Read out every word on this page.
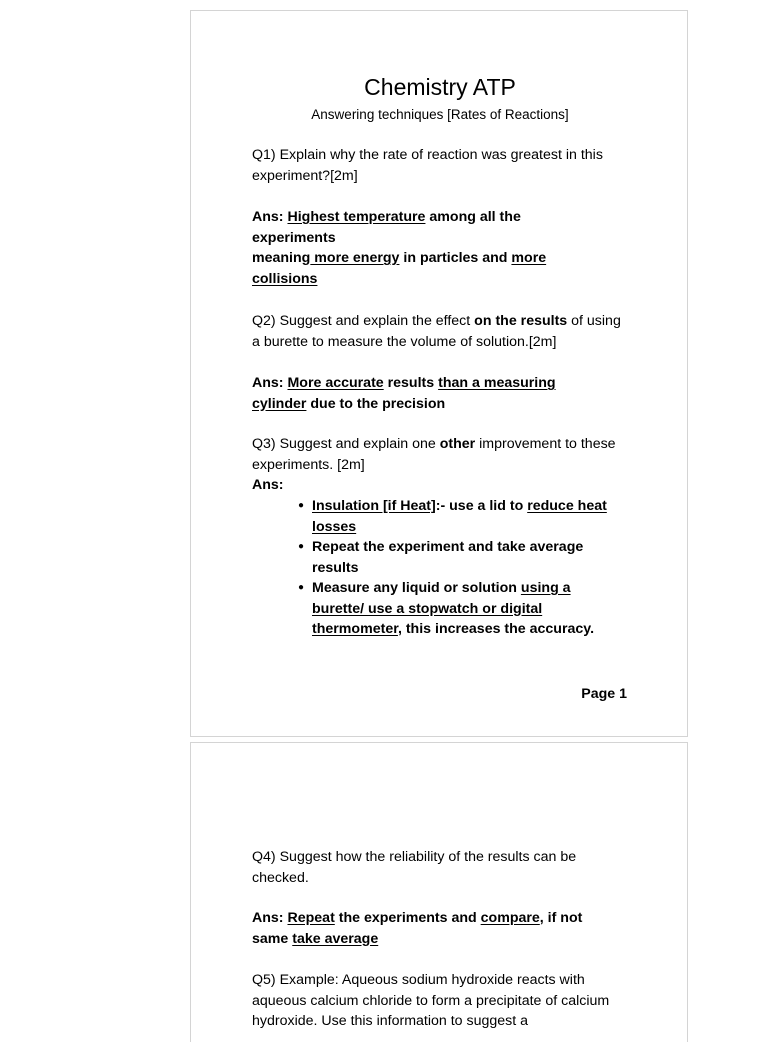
Chemistry ATP
Answering techniques [Rates of Reactions]
Q1) Explain why the rate of reaction was greatest in this experiment?[2m]
Ans: Highest temperature among all the experiments
meaning more energy in particles and more collisions
Q2) Suggest and explain the effect on the results of using a burette to measure the volume of solution.[2m]
Ans: More accurate results than a measuring cylinder due to the precision
Q3) Suggest and explain one other improvement to these experiments. [2m]
Ans:
● Insulation [if Heat]:- use a lid to reduce heat losses
● Repeat the experiment and take average results
● Measure any liquid or solution using a burette/ use a stopwatch or digital thermometer, this increases the accuracy.
Page 1
Q4) Suggest how the reliability of the results can be checked.
Ans: Repeat the experiments and compare, if not same take average
Q5) Example: Aqueous sodium hydroxide reacts with aqueous calcium chloride to form a precipitate of calcium hydroxide. Use this information to suggest a
